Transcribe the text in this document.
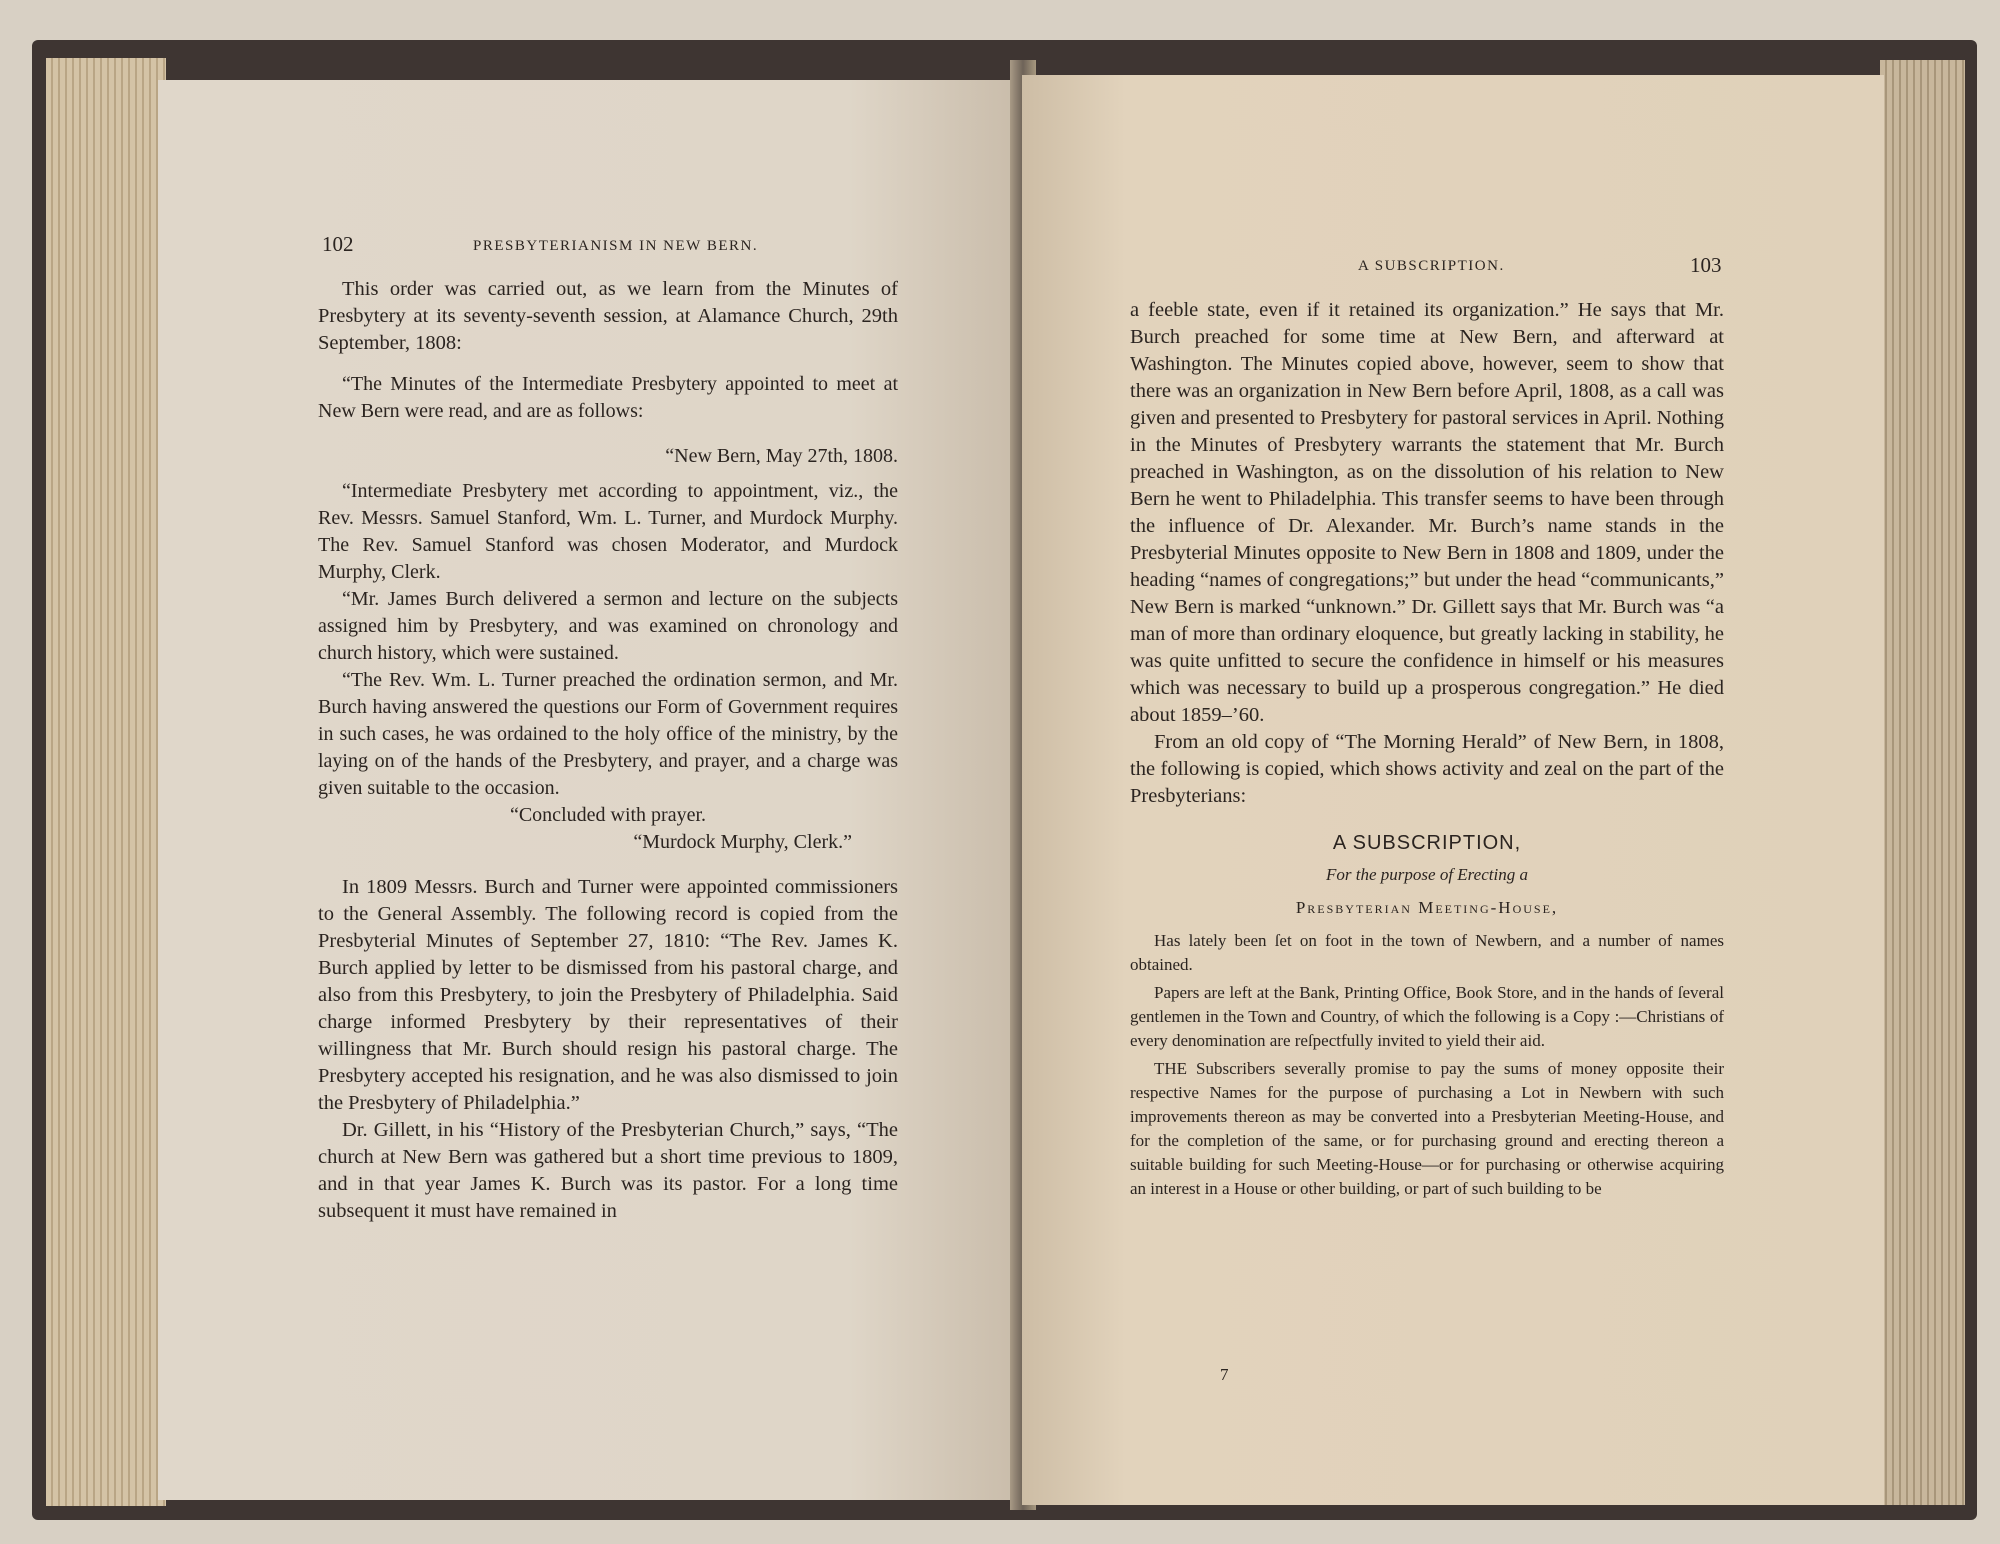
102	PRESBYTERIANISM IN NEW BERN.

This order was carried out, as we learn from the Minutes of Presbytery at its seventy-seventh session, at Alamance Church, 29th September, 1808:

“The Minutes of the Intermediate Presbytery appointed to meet at New Bern were read, and are as follows:

“New Bern, May 27th, 1808.

“Intermediate Presbytery met according to appointment, viz., the Rev. Messrs. Samuel Stanford, Wm. L. Turner, and Murdock Murphy. The Rev. Samuel Stanford was chosen Moderator, and Murdock Murphy, Clerk.

“Mr. James Burch delivered a sermon and lecture on the subjects assigned him by Presbytery, and was examined on chronology and church history, which were sustained.

“The Rev. Wm. L. Turner preached the ordination sermon, and Mr. Burch having answered the questions our Form of Government requires in such cases, he was ordained to the holy office of the ministry, by the laying on of the hands of the Presbytery, and prayer, and a charge was given suitable to the occasion.

“Concluded with prayer.

“Murdock Murphy, Clerk.”

In 1809 Messrs. Burch and Turner were appointed commissioners to the General Assembly. The following record is copied from the Presbyterial Minutes of September 27, 1810: “The Rev. James K. Burch applied by letter to be dismissed from his pastoral charge, and also from this Presbytery, to join the Presbytery of Philadelphia. Said charge informed Presbytery by their representatives of their willingness that Mr. Burch should resign his pastoral charge. The Presbytery accepted his resignation, and he was also dismissed to join the Presbytery of Philadelphia.”

Dr. Gillett, in his “History of the Presbyterian Church,” says, “The church at New Bern was gathered but a short time previous to 1809, and in that year James K. Burch was its pastor. For a long time subsequent it must have remained in

A SUBSCRIPTION.	103

a feeble state, even if it retained its organization.” He says that Mr. Burch preached for some time at New Bern, and afterward at Washington. The Minutes copied above, however, seem to show that there was an organization in New Bern before April, 1808, as a call was given and presented to Presbytery for pastoral services in April. Nothing in the Minutes of Presbytery warrants the statement that Mr. Burch preached in Washington, as on the dissolution of his relation to New Bern he went to Philadelphia. This transfer seems to have been through the influence of Dr. Alexander. Mr. Burch’s name stands in the Presbyterial Minutes opposite to New Bern in 1808 and 1809, under the heading “names of congregations;” but under the head “communicants,” New Bern is marked “unknown.” Dr. Gillett says that Mr. Burch was “a man of more than ordinary eloquence, but greatly lacking in stability, he was quite unfitted to secure the confidence in himself or his measures which was necessary to build up a prosperous congregation.” He died about 1859–’60.

From an old copy of “The Morning Herald” of New Bern, in 1808, the following is copied, which shows activity and zeal on the part of the Presbyterians:

A SUBSCRIPTION,

For the purpose of Erecting a

Presbyterian Meeting-House,

Has lately been ſet on foot in the town of Newbern, and a number of names obtained.

Papers are left at the Bank, Printing Office, Book Store, and in the hands of ſeveral gentlemen in the Town and Country, of which the following is a Copy :—Christians of every denomination are reſpectfully invited to yield their aid.

THE Subscribers severally promise to pay the sums of money opposite their respective Names for the purpose of purchasing a Lot in Newbern with such improvements thereon as may be converted into a Presbyterian Meeting-House, and for the completion of the same, or for purchasing ground and erecting thereon a suitable building for such Meeting-House—or for purchasing or otherwise acquiring an interest in a House or other building, or part of such building to be

7
